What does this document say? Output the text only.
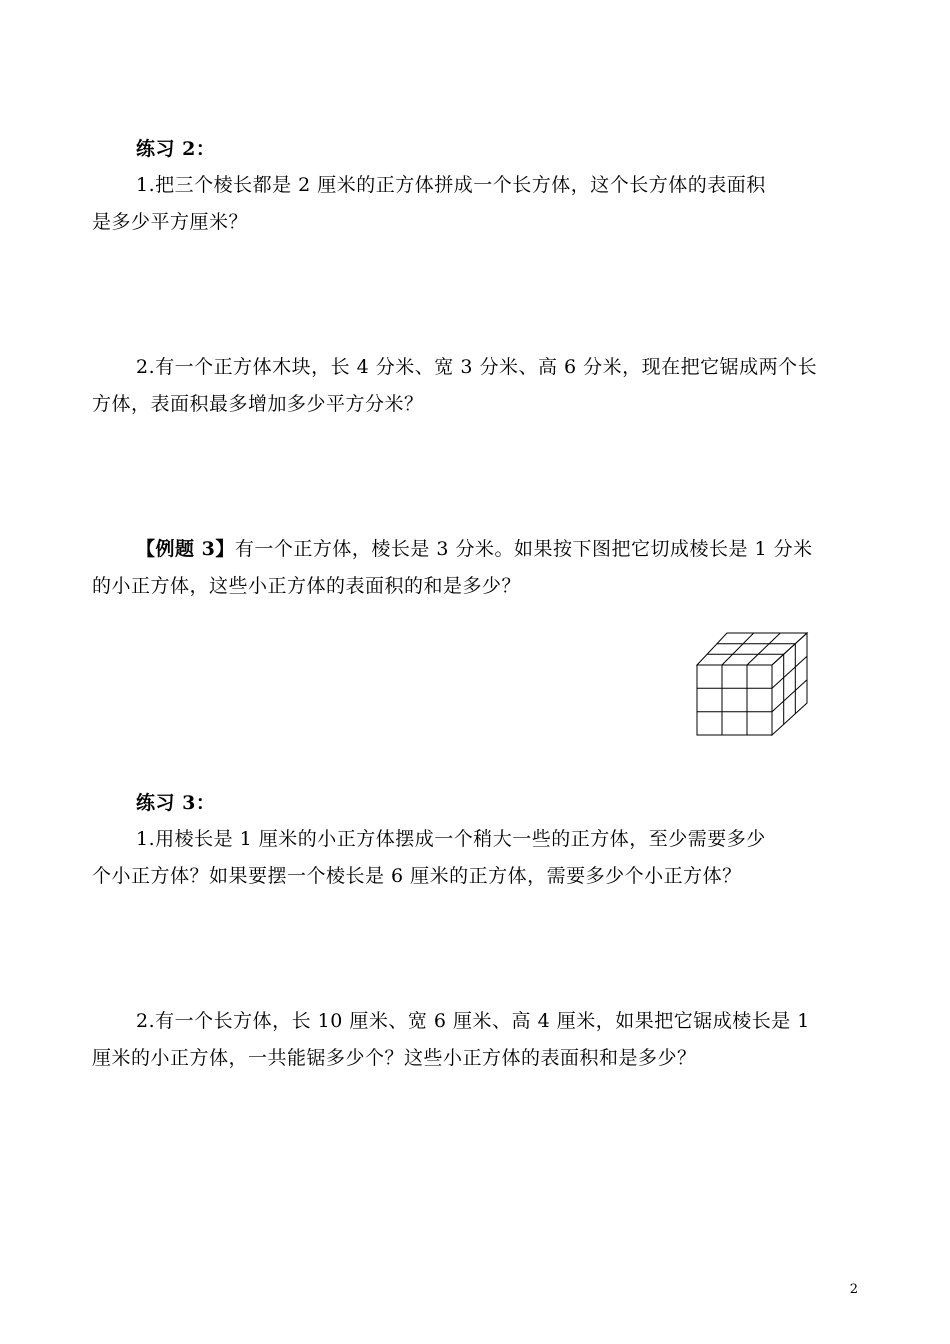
练习 2：
1.把三个棱长都是 2 厘米的正方体拼成一个长方体，这个长方体的表面积
是多少平方厘米？
2.有一个正方体木块，长 4 分米、宽 3 分米、高 6 分米，现在把它锯成两个长
方体，表面积最多增加多少平方分米？
【例题 3】有一个正方体，棱长是 3 分米。如果按下图把它切成棱长是 1 分米
的小正方体，这些小正方体的表面积的和是多少？
练习 3：
1.用棱长是 1 厘米的小正方体摆成一个稍大一些的正方体，至少需要多少
个小正方体？如果要摆一个棱长是 6 厘米的正方体，需要多少个小正方体？
2.有一个长方体，长 10 厘米、宽 6 厘米、高 4 厘米，如果把它锯成棱长是 1
厘米的小正方体，一共能锯多少个？这些小正方体的表面积和是多少？
2
